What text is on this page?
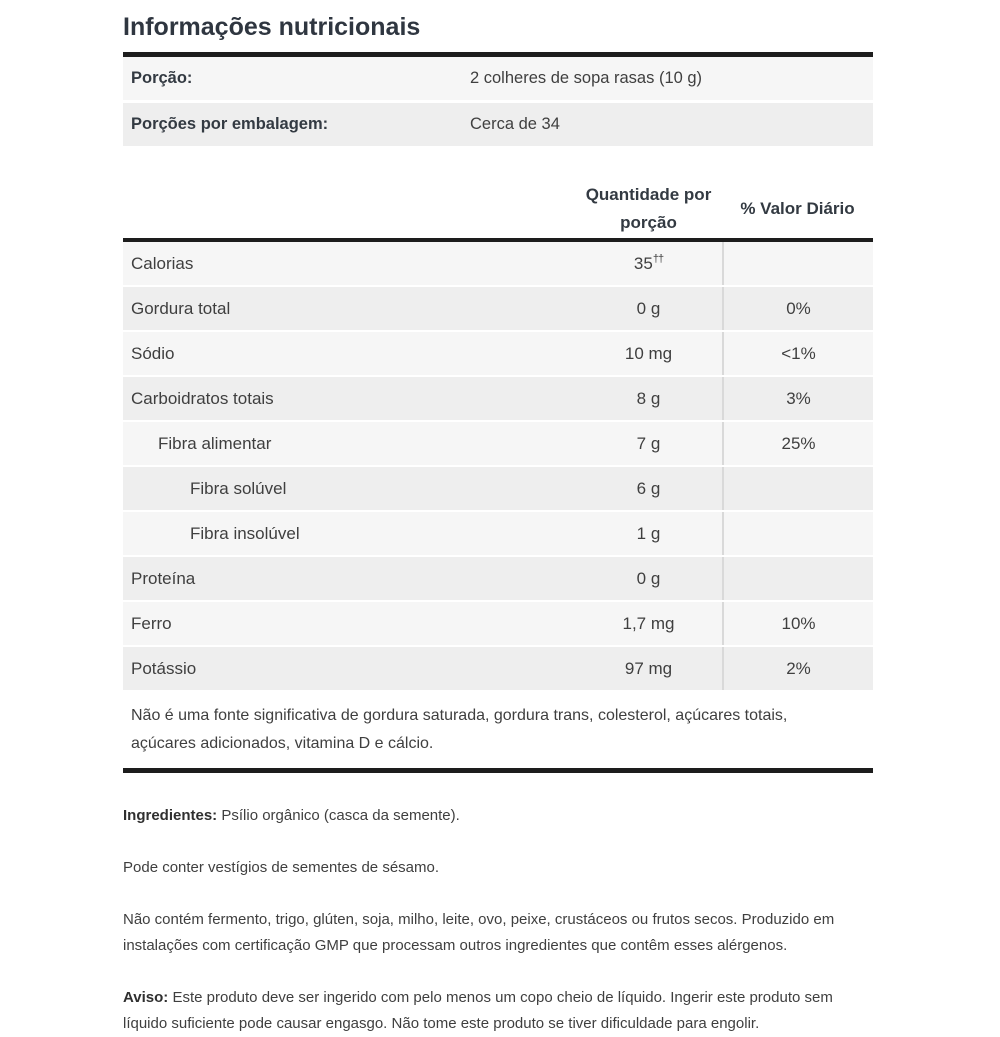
Informações nutricionais
Porção:	2 colheres de sopa rasas (10 g)
Porções por embalagem:	Cerca de 34
Quantidade por porção
% Valor Diário
Calorias	35 ††
Gordura total	0 g	0%
Sódio	10 mg	<1%
Carboidratos totais	8 g	3%
Fibra alimentar	7 g	25%
Fibra solúvel	6 g
Fibra insolúvel	1 g
Proteína	0 g
Ferro	1,7 mg	10%
Potássio	97 mg	2%
Não é uma fonte significativa de gordura saturada, gordura trans, colesterol, açúcares totais, açúcares adicionados, vitamina D e cálcio.

Ingredientes: Psílio orgânico (casca da semente).

Pode conter vestígios de sementes de sésamo.

Não contém fermento, trigo, glúten, soja, milho, leite, ovo, peixe, crustáceos ou frutos secos. Produzido em instalações com certificação GMP que processam outros ingredientes que contêm esses alérgenos.

Aviso: Este produto deve ser ingerido com pelo menos um copo cheio de líquido. Ingerir este produto sem líquido suficiente pode causar engasgo. Não tome este produto se tiver dificuldade para engolir.
